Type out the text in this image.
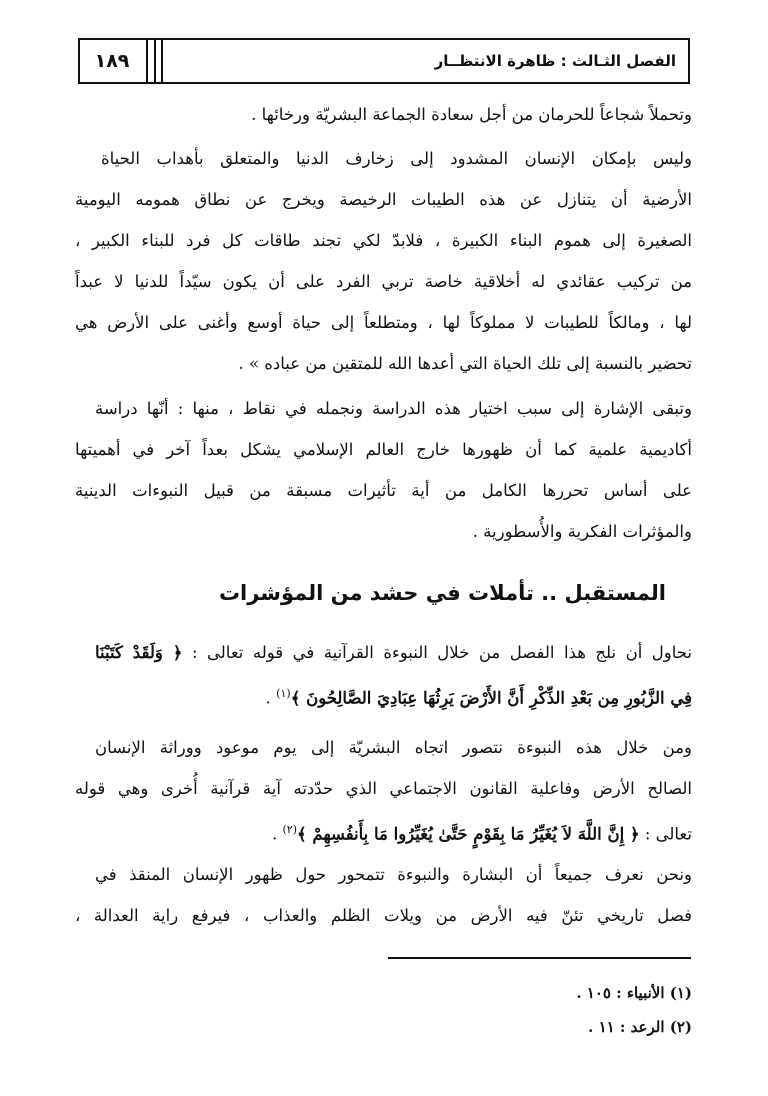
١٨٩	الفصل الثـالث : ظاهرة الانتظــار
وتحملاً شجاعاً للحرمان من أجل سعادة الجماعة البشريّة ورخائها .
وليس بإمكان الإنسان المشدود إلى زخارف الدنيا والمتعلق بأهداب الحياة
الأرضية أن يتنازل عن هذه الطيبات الرخيصة ويخرج عن نطاق همومه اليومية
الصغيرة إلى هموم البناء الكبيرة ، فلابدّ لكي تجند طاقات كل فرد للبناء الكبير ،
من تركيب عقائدي له أخلاقية خاصة تربي الفرد على أن يكون سيّداً للدنيا لا عبداً
لها ، ومالكاً للطيبات لا مملوكاً لها ، ومتطلعاً إلى حياة أوسع وأغنى على الأرض هي
تحضير بالنسبة إلى تلك الحياة التي أعدها الله للمتقين من عباده » .
وتبقى الإشارة إلى سبب اختيار هذه الدراسة ونجمله في نقاط ، منها : أنّها دراسة
أكاديمية علمية كما أن ظهورها خارج العالم الإسلامي يشكل بعداً آخر في أهميتها
على أساس تحررها الكامل من أية تأثيرات مسبقة من قبيل النبوءات الدينية
والمؤثرات الفكرية والأُسطورية .
المستقبل .. تأملات في حشد من المؤشرات
نحاول أن نلج هذا الفصل من خلال النبوءة القرآنية في قوله تعالى : ﴿ وَلَقَدْ كَتَبْنَا
فِي الزَّبُورِ مِن بَعْدِ الذِّكْرِ أَنَّ الأَرْضَ يَرِثُهَا عِبَادِيَ الصَّالِحُونَ ﴾$^{(١)}$ .
ومن خلال هذه النبوءة نتصور اتجاه البشريّة إلى يوم موعود ووراثة الإنسان
الصالح الأرض وفاعلية القانون الاجتماعي الذي حدّدته آية قرآنية أُخرى وهي قوله
تعالى : ﴿ إِنَّ اللَّهَ لاَ يُغَيِّرُ مَا بِقَوْمٍ حَتَّىٰ يُغَيِّرُوا مَا بِأَنفُسِهِمْ ﴾$^{(٢)}$ .
ونحن نعرف جميعاً أن البشارة والنبوءة تتمحور حول ظهور الإنسان المنقذ في
فصل تاريخي تئنّ فيه الأرض من ويلات الظلم والعذاب ، فيرفع راية العدالة ،
(١) الأنبياء : ١٠٥ .
(٢) الرعد : ١١ .
